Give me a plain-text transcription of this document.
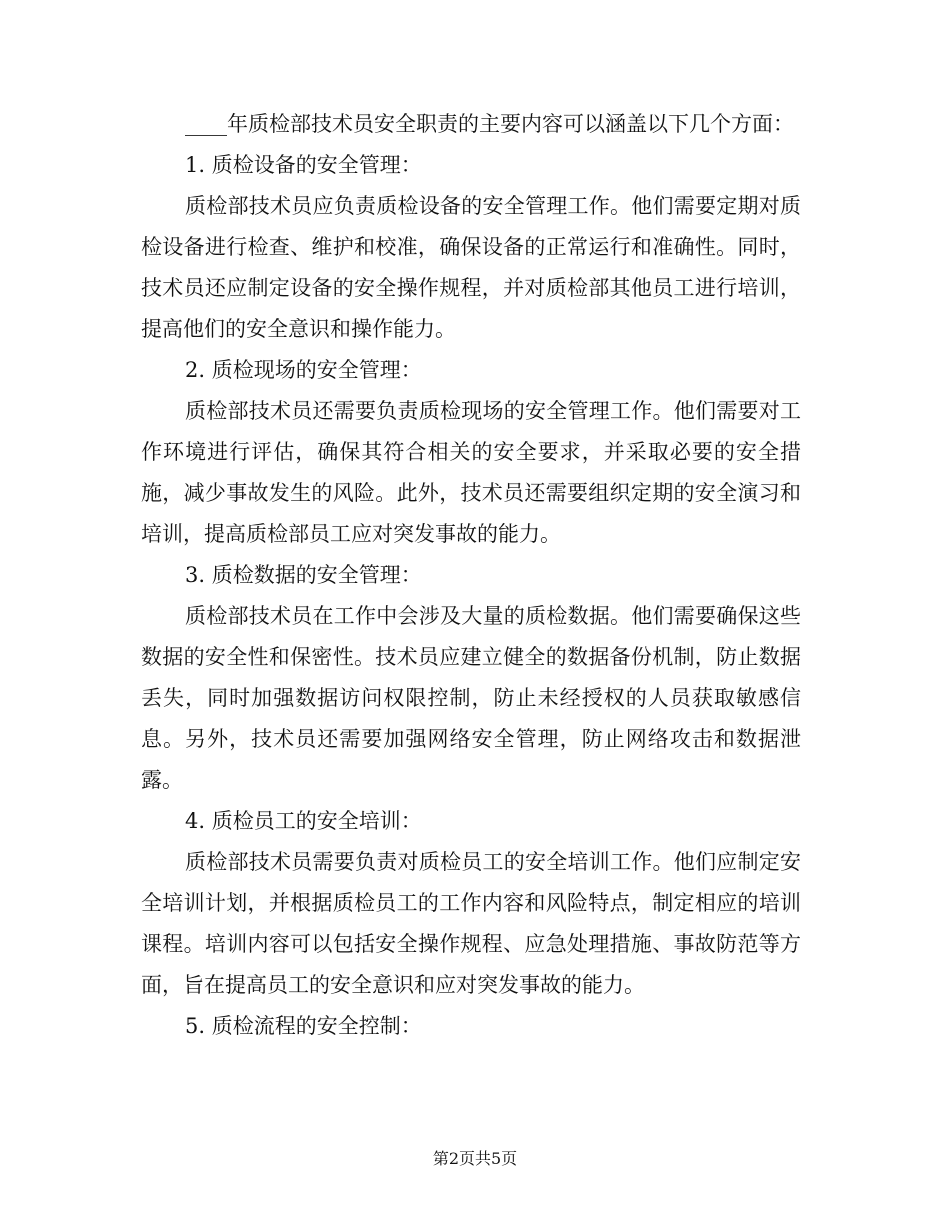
____年质检部技术员安全职责的主要内容可以涵盖以下几个方面：

1. 质检设备的安全管理：

质检部技术员应负责质检设备的安全管理工作。他们需要定期对质检设备进行检查、维护和校准，确保设备的正常运行和准确性。同时，技术员还应制定设备的安全操作规程，并对质检部其他员工进行培训，提高他们的安全意识和操作能力。

2. 质检现场的安全管理：

质检部技术员还需要负责质检现场的安全管理工作。他们需要对工作环境进行评估，确保其符合相关的安全要求，并采取必要的安全措施，减少事故发生的风险。此外，技术员还需要组织定期的安全演习和培训，提高质检部员工应对突发事故的能力。

3. 质检数据的安全管理：

质检部技术员在工作中会涉及大量的质检数据。他们需要确保这些数据的安全性和保密性。技术员应建立健全的数据备份机制，防止数据丢失，同时加强数据访问权限控制，防止未经授权的人员获取敏感信息。另外，技术员还需要加强网络安全管理，防止网络攻击和数据泄露。

4. 质检员工的安全培训：

质检部技术员需要负责对质检员工的安全培训工作。他们应制定安全培训计划，并根据质检员工的工作内容和风险特点，制定相应的培训课程。培训内容可以包括安全操作规程、应急处理措施、事故防范等方面，旨在提高员工的安全意识和应对突发事故的能力。

5. 质检流程的安全控制：

第2页共5页
